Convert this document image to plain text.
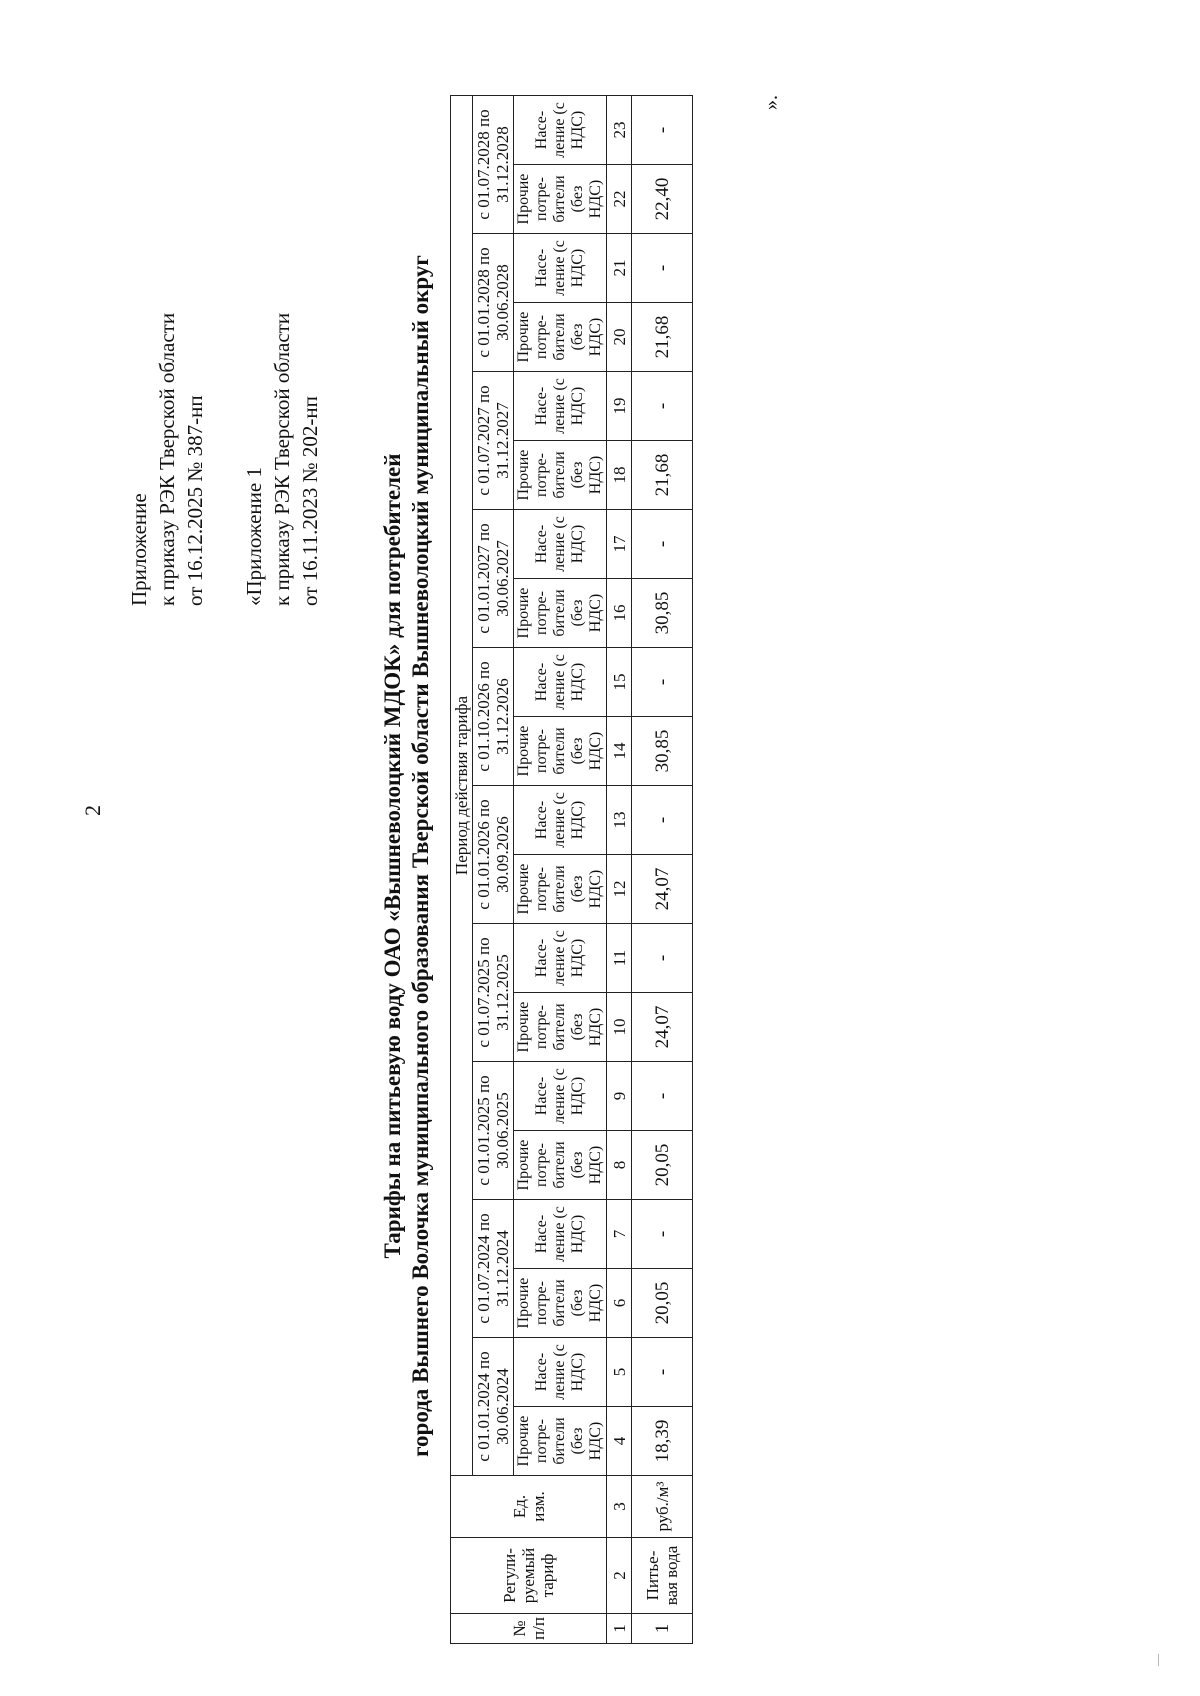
2
Приложение к приказу РЭК Тверской области от 16.12.2025 № 387-нп «Приложение 1 к приказу РЭК Тверской области от 16.11.2023 № 202-нп	Тарифы на питьевую воду ОАО «Вышневолоцкий МДОК» для потребителей города Вышнего Волочка муниципального образования Тверской области Вышневолоцкий муниципальный округ
№ п/п	Регули-руемый тариф	Ед. изм.	Период действия тарифа																			
			с 01.01.2024 по 30.06.2024		с 01.07.2024 по 31.12.2024		с 01.01.2025 по 30.06.2025		с 01.07.2025 по 31.12.2025		с 01.01.2026 по 30.09.2026		с 01.10.2026 по 31.12.2026		с 01.01.2027 по 30.06.2027		с 01.07.2027 по 31.12.2027		с 01.01.2028 по 30.06.2028		с 01.07.2028 по 31.12.2028	
			Прочие потре-бители (без НДС)	Насе-ление (с НДС)	Прочие потре-бители (без НДС)	Насе-ление (с НДС)	Прочие потре-бители (без НДС)	Насе-ление (с НДС)	Прочие потре-бители (без НДС)	Насе-ление (с НДС)	Прочие потре-бители (без НДС)	Насе-ление (с НДС)	Прочие потре-бители (без НДС)	Насе-ление (с НДС)	Прочие потре-бители (без НДС)	Насе-ление (с НДС)	Прочие потре-бители (без НДС)	Насе-ление (с НДС)	Прочие потре-бители (без НДС)	Насе-ление (с НДС)	Прочие потре-бители (без НДС)	Насе-ление (с НДС)
1	2	3	4	5	6	7	8	9	10	11	12	13	14	15	16	17	18	19	20	21	22	23
1	Питье-вая вода	руб./м³	18,39	-	20,05	-	20,05	-	24,07	-	24,07	-	30,85	-	30,85	-	21,68	-	21,68	-	22,40	-
».
—
